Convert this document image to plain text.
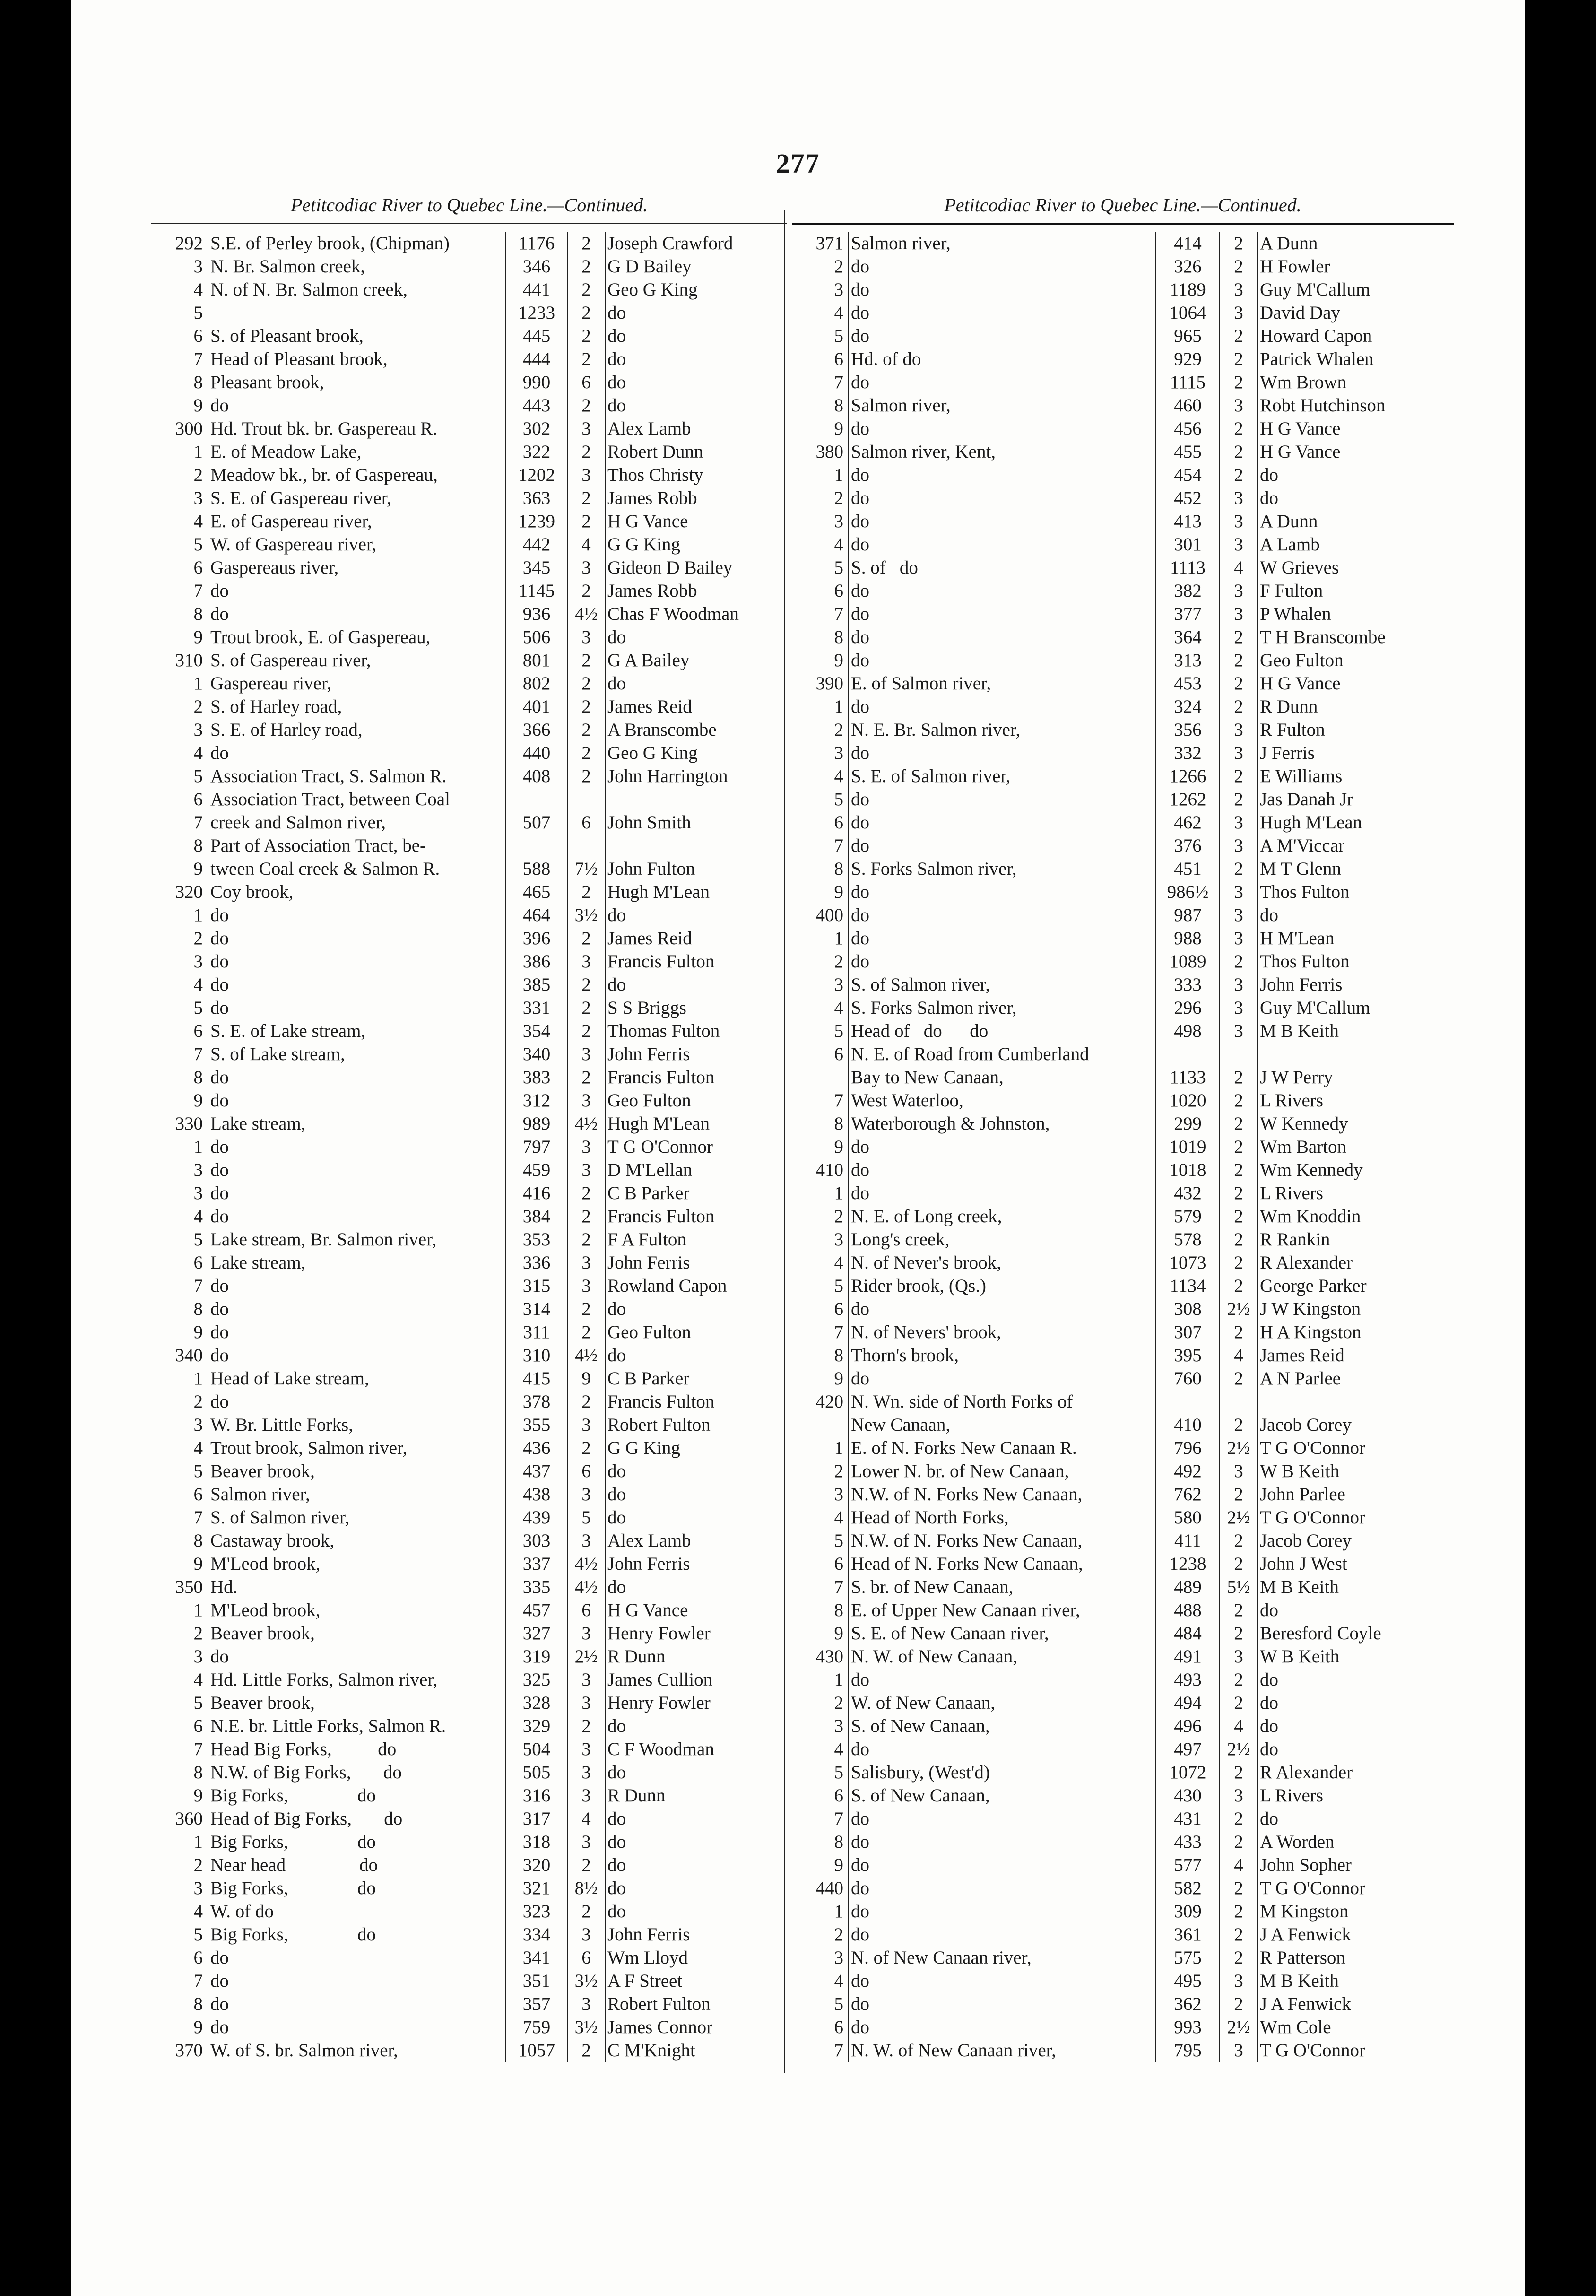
277
Petitcodiac River to Quebec Line.—Continued.	Petitcodiac River to Quebec Line.—Continued.
292	S.E. of Perley brook, (Chipman)	1176	2	Joseph Crawford
3	N. Br. Salmon creek,	346	2	G D Bailey
4	N. of N. Br. Salmon creek,	441	2	Geo G King
5		1233	2	do
6	S. of Pleasant brook,	445	2	do
7	Head of Pleasant brook,	444	2	do
8	Pleasant brook,	990	6	do
9	do	443	2	do
300	Hd. Trout bk. br. Gaspereau R.	302	3	Alex Lamb
1	E. of Meadow Lake,	322	2	Robert Dunn
2	Meadow bk., br. of Gaspereau,	1202	3	Thos Christy
3	S. E. of Gaspereau river,	363	2	James Robb
4	E. of Gaspereau river,	1239	2	H G Vance
5	W. of Gaspereau river,	442	4	G G King
6	Gaspereaus river,	345	3	Gideon D Bailey
7	do	1145	2	James Robb
8	do	936	4½	Chas F Woodman
9	Trout brook, E. of Gaspereau,	506	3	do
310	S. of Gaspereau river,	801	2	G A Bailey
1	Gaspereau river,	802	2	do
2	S. of Harley road,	401	2	James Reid
3	S. E. of Harley road,	366	2	A Branscombe
4	do	440	2	Geo G King
5	Association Tract, S. Salmon R.	408	2	John Harrington
6	Association Tract, between Coal			
7	creek and Salmon river,	507	6	John Smith
8	Part of Association Tract, be-			
9	tween Coal creek & Salmon R.	588	7½	John Fulton
320	Coy brook,	465	2	Hugh M'Lean
1	do	464	3½	do
2	do	396	2	James Reid
3	do	386	3	Francis Fulton
4	do	385	2	do
5	do	331	2	S S Briggs
6	S. E. of Lake stream,	354	2	Thomas Fulton
7	S. of Lake stream,	340	3	John Ferris
8	do	383	2	Francis Fulton
9	do	312	3	Geo Fulton
330	Lake stream,	989	4½	Hugh M'Lean
1	do	797	3	T G O'Connor
3	do	459	3	D M'Lellan
3	do	416	2	C B Parker
4	do	384	2	Francis Fulton
5	Lake stream, Br. Salmon river,	353	2	F A Fulton
6	Lake stream,	336	3	John Ferris
7	do	315	3	Rowland Capon
8	do	314	2	do
9	do	311	2	Geo Fulton
340	do	310	4½	do
1	Head of Lake stream,	415	9	C B Parker
2	do	378	2	Francis Fulton
3	W. Br. Little Forks,	355	3	Robert Fulton
4	Trout brook, Salmon river,	436	2	G G King
5	Beaver brook,	437	6	do
6	Salmon river,	438	3	do
7	S. of Salmon river,	439	5	do
8	Castaway brook,	303	3	Alex Lamb
9	M'Leod brook,	337	4½	John Ferris
350	Hd.	335	4½	do
1	M'Leod brook,	457	6	H G Vance
2	Beaver brook,	327	3	Henry Fowler
3	do	319	2½	R Dunn
4	Hd. Little Forks, Salmon river,	325	3	James Cullion
5	Beaver brook,	328	3	Henry Fowler
6	N.E. br. Little Forks, Salmon R.	329	2	do
7	Head Big Forks,          do	504	3	C F Woodman
8	N.W. of Big Forks,       do	505	3	do
9	Big Forks,               do	316	3	R Dunn
360	Head of Big Forks,       do	317	4	do
1	Big Forks,               do	318	3	do
2	Near head                do	320	2	do
3	Big Forks,               do	321	8½	do
4	W. of do	323	2	do
5	Big Forks,               do	334	3	John Ferris
6	do	341	6	Wm Lloyd
7	do	351	3½	A F Street
8	do	357	3	Robert Fulton
9	do	759	3½	James Connor
370	W. of S. br. Salmon river,	1057	2	C M'Knight
371	Salmon river,	414	2	A Dunn
2	do	326	2	H Fowler
3	do	1189	3	Guy M'Callum
4	do	1064	3	David Day
5	do	965	2	Howard Capon
6	Hd. of do	929	2	Patrick Whalen
7	do	1115	2	Wm Brown
8	Salmon river,	460	3	Robt Hutchinson
9	do	456	2	H G Vance
380	Salmon river, Kent,	455	2	H G Vance
1	do	454	2	do
2	do	452	3	do
3	do	413	3	A Dunn
4	do	301	3	A Lamb
5	S. of   do	1113	4	W Grieves
6	do	382	3	F Fulton
7	do	377	3	P Whalen
8	do	364	2	T H Branscombe
9	do	313	2	Geo Fulton
390	E. of Salmon river,	453	2	H G Vance
1	do	324	2	R Dunn
2	N. E. Br. Salmon river,	356	3	R Fulton
3	do	332	3	J Ferris
4	S. E. of Salmon river,	1266	2	E Williams
5	do	1262	2	Jas Danah Jr
6	do	462	3	Hugh M'Lean
7	do	376	3	A M'Viccar
8	S. Forks Salmon river,	451	2	M T Glenn
9	do	986½	3	Thos Fulton
400	do	987	3	do
1	do	988	3	H M'Lean
2	do	1089	2	Thos Fulton
3	S. of Salmon river,	333	3	John Ferris
4	S. Forks Salmon river,	296	3	Guy M'Callum
5	Head of   do      do	498	3	M B Keith
6	N. E. of Road from Cumberland			
	Bay to New Canaan,	1133	2	J W Perry
7	West Waterloo,	1020	2	L Rivers
8	Waterborough & Johnston,	299	2	W Kennedy
9	do	1019	2	Wm Barton
410	do	1018	2	Wm Kennedy
1	do	432	2	L Rivers
2	N. E. of Long creek,	579	2	Wm Knoddin
3	Long's creek,	578	2	R Rankin
4	N. of Never's brook,	1073	2	R Alexander
5	Rider brook, (Qs.)	1134	2	George Parker
6	do	308	2½	J W Kingston
7	N. of Nevers' brook,	307	2	H A Kingston
8	Thorn's brook,	395	4	James Reid
9	do	760	2	A N Parlee
420	N. Wn. side of North Forks of			
	New Canaan,	410	2	Jacob Corey
1	E. of N. Forks New Canaan R.	796	2½	T G O'Connor
2	Lower N. br. of New Canaan,	492	3	W B Keith
3	N.W. of N. Forks New Canaan,	762	2	John Parlee
4	Head of North Forks,	580	2½	T G O'Connor
5	N.W. of N. Forks New Canaan,	411	2	Jacob Corey
6	Head of N. Forks New Canaan,	1238	2	John J West
7	S. br. of New Canaan,	489	5½	M B Keith
8	E. of Upper New Canaan river,	488	2	do
9	S. E. of New Canaan river,	484	2	Beresford Coyle
430	N. W. of New Canaan,	491	3	W B Keith
1	do	493	2	do
2	W. of New Canaan,	494	2	do
3	S. of New Canaan,	496	4	do
4	do	497	2½	do
5	Salisbury, (West'd)	1072	2	R Alexander
6	S. of New Canaan,	430	3	L Rivers
7	do	431	2	do
8	do	433	2	A Worden
9	do	577	4	John Sopher
440	do	582	2	T G O'Connor
1	do	309	2	M Kingston
2	do	361	2	J A Fenwick
3	N. of New Canaan river,	575	2	R Patterson
4	do	495	3	M B Keith
5	do	362	2	J A Fenwick
6	do	993	2½	Wm Cole
7	N. W. of New Canaan river,	795	3	T G O'Connor
